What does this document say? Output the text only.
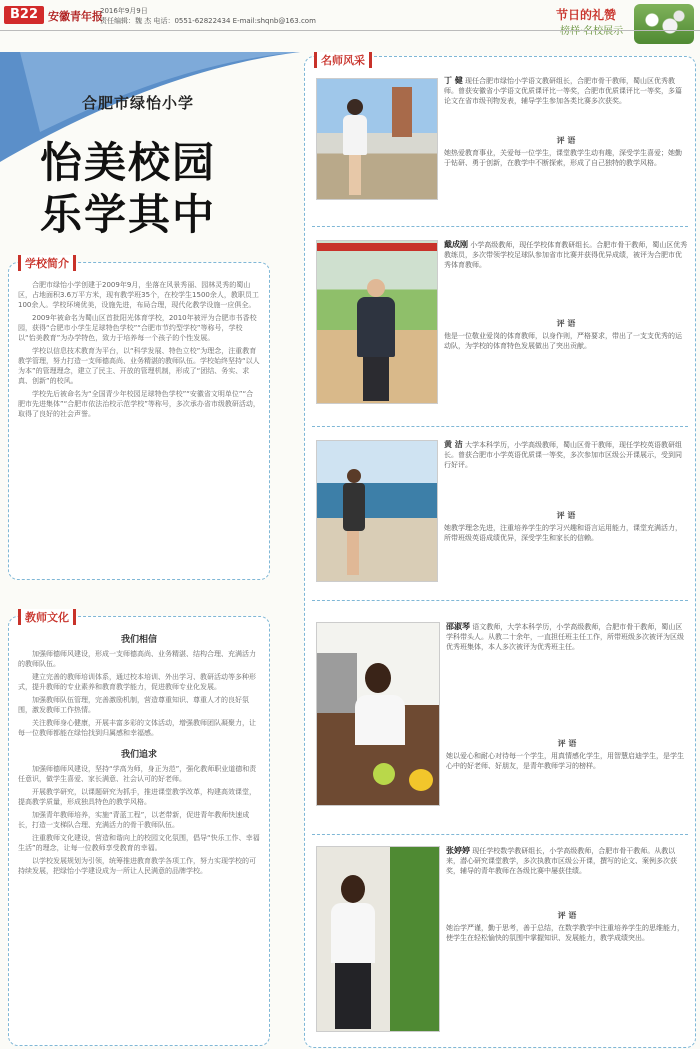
B22 安徽青年报
2016年9月9日
责任编辑：魏 杰 电话：0551-62822434 E-mail:shqnb@163.com	节日的礼赞
榜样·名校展示
合肥市绿怡小学
怡美校园
乐学其中
学校简介

合肥市绿怡小学创建于2009年9月，坐落在风景秀丽、园林灵秀的蜀山区，占地面积3.6万平方米，现有教学班35个，在校学生1500余人，教职员工100余人。学校环境优美，设施先进，布局合理，现代化教学设施一应俱全。

2009年被命名为蜀山区首批阳光体育学校，2010年被评为合肥市书香校园，获得“合肥市小学生足球特色学校”“合肥市节约型学校”等称号，学校以“怡美教育”为办学特色，致力于培养每一个孩子的个性发展。

学校以信息技术教育为平台，以“科学发展、特色立校”为理念，注重教育教学管理，努力打造一支师德高尚、业务精湛的教师队伍。学校始终坚持“以人为本”的管理理念，建立了民主、开放的管理机制，形成了“团结、务实、求真、创新”的校风。

学校先后被命名为“全国青少年校园足球特色学校”“安徽省文明单位”“合肥市先进集体”“合肥市依法治校示范学校”等称号，多次承办省市级教研活动，取得了良好的社会声誉。

教师文化
我们相信

加强师德师风建设，形成一支师德高尚、业务精湛、结构合理、充满活力的教师队伍。

建立完善的教师培训体系，通过校本培训、外出学习、教研活动等多种形式，提升教师的专业素养和教育教学能力，促进教师专业化发展。

加强教师队伍管理，完善激励机制，营造尊重知识、尊重人才的良好氛围，激发教师工作热情。

关注教师身心健康，开展丰富多彩的文体活动，增强教师团队凝聚力，让每一位教师都能在绿怡找到归属感和幸福感。

我们追求

加强师德师风建设，坚持“学高为师，身正为范”，强化教师职业道德和责任意识，做学生喜爱、家长满意、社会认可的好老师。

开展教学研究，以课题研究为抓手，推进课堂教学改革，构建高效课堂，提高教学质量，形成独具特色的教学风格。

加强青年教师培养，实施“青蓝工程”，以老带新，促进青年教师快速成长，打造一支梯队合理、充满活力的骨干教师队伍。

注重教师文化建设，营造和谐向上的校园文化氛围，倡导“快乐工作、幸福生活”的理念，让每一位教师享受教育的幸福。

以学校发展规划为引领，统筹推进教育教学各项工作，努力实现学校的可持续发展，把绿怡小学建设成为一所让人民满意的品牌学校。

名师风采
丁 健 现任合肥市绿怡小学语文教研组长，合肥市骨干教师，蜀山区优秀教师。曾获安徽省小学语文优质课评比一等奖，合肥市优质课评比一等奖，多篇论文在省市级刊物发表，辅导学生参加各类比赛多次获奖。
评 语
她热爱教育事业，关爱每一位学生，课堂教学生动有趣，深受学生喜爱；她勤于钻研、勇于创新，在教学中不断探索，形成了自己独特的教学风格。
戴成刚 小学高级教师，现任学校体育教研组长。合肥市骨干教师，蜀山区优秀教练员，多次带领学校足球队参加省市比赛并获得优异成绩，被评为合肥市优秀体育教师。
评 语
他是一位敬业爱岗的体育教师，以身作则，严格要求，带出了一支支优秀的运动队，为学校的体育特色发展做出了突出贡献。
黄 洁 大学本科学历，小学高级教师，蜀山区骨干教师，现任学校英语教研组长。曾获合肥市小学英语优质课一等奖，多次参加市区级公开课展示，受到同行好评。
评 语
她教学理念先进，注重培养学生的学习兴趣和语言运用能力，课堂充满活力，所带班级英语成绩优异，深受学生和家长的信赖。
邵淑琴 语文教师，大学本科学历，小学高级教师，合肥市骨干教师，蜀山区学科带头人。从教二十余年，一直担任班主任工作，所带班级多次被评为区级优秀班集体，本人多次被评为优秀班主任。
评 语
她以爱心和耐心对待每一个学生，用真情感化学生，用智慧启迪学生，是学生心中的好老师、好朋友，是青年教师学习的榜样。
张婷婷 现任学校数学教研组长，小学高级教师，合肥市骨干教师。从教以来，潜心研究课堂教学，多次执教市区级公开课，撰写的论文、案例多次获奖，辅导的青年教师在各级比赛中屡获佳绩。
评 语
她治学严谨，勤于思考，善于总结，在数学教学中注重培养学生的思维能力，使学生在轻松愉快的氛围中掌握知识、发展能力，教学成绩突出。
